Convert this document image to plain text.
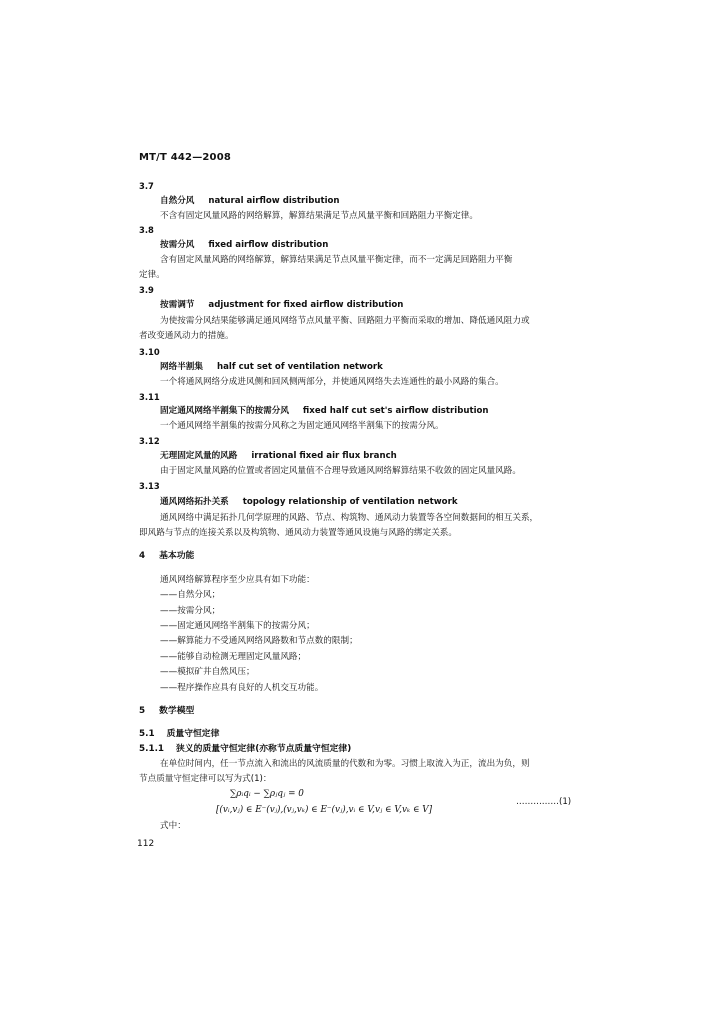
MT/T 442—2008
3.7
自然分风 natural airflow distribution
不含有固定风量风路的网络解算，解算结果满足节点风量平衡和回路阻力平衡定律。
3.8
按需分风 fixed airflow distribution
含有固定风量风路的网络解算，解算结果满足节点风量平衡定律，而不一定满足回路阻力平衡
定律。
3.9
按需调节 adjustment for fixed airflow distribution
为使按需分风结果能够满足通风网络节点风量平衡、回路阻力平衡而采取的增加、降低通风阻力或
者改变通风动力的措施。
3.10
网络半割集 half cut set of ventilation network
一个将通风网络分成进风侧和回风侧两部分，并使通风网络失去连通性的最小风路的集合。
3.11
固定通风网络半割集下的按需分风 fixed half cut set's airflow distribution
一个通风网络半割集的按需分风称之为固定通风网络半割集下的按需分风。
3.12
无理固定风量的风路 irrational fixed air flux branch
由于固定风量风路的位置或者固定风量值不合理导致通风网络解算结果不收敛的固定风量风路。
3.13
通风网络拓扑关系 topology relationship of ventilation network
通风网络中满足拓扑几何学原理的风路、节点、构筑物、通风动力装置等各空间数据间的相互关系，
即风路与节点的连接关系以及构筑物、通风动力装置等通风设施与风路的绑定关系。
4 基本功能
通风网络解算程序至少应具有如下功能：
——自然分风；
——按需分风；
——固定通风网络半割集下的按需分风；
——解算能力不受通风网络风路数和节点数的限制；
——能够自动检测无理固定风量风路；
——模拟矿井自然风压；
——程序操作应具有良好的人机交互功能。
5 数学模型
5.1 质量守恒定律
5.1.1 狭义的质量守恒定律(亦称节点质量守恒定律)
在单位时间内，任一节点流入和流出的风流质量的代数和为零。习惯上取流入为正，流出为负，则
节点质量守恒定律可以写为式(1)：
∑ρᵢqᵢ − ∑ρⱼqⱼ = 0
[(vᵢ,vⱼ) ∈ E⁻(vⱼ),(vⱼ,vₖ) ∈ E⁻(vⱼ),vᵢ ∈ V,vⱼ ∈ V,vₖ ∈ V]
……………(1)
式中：
112
